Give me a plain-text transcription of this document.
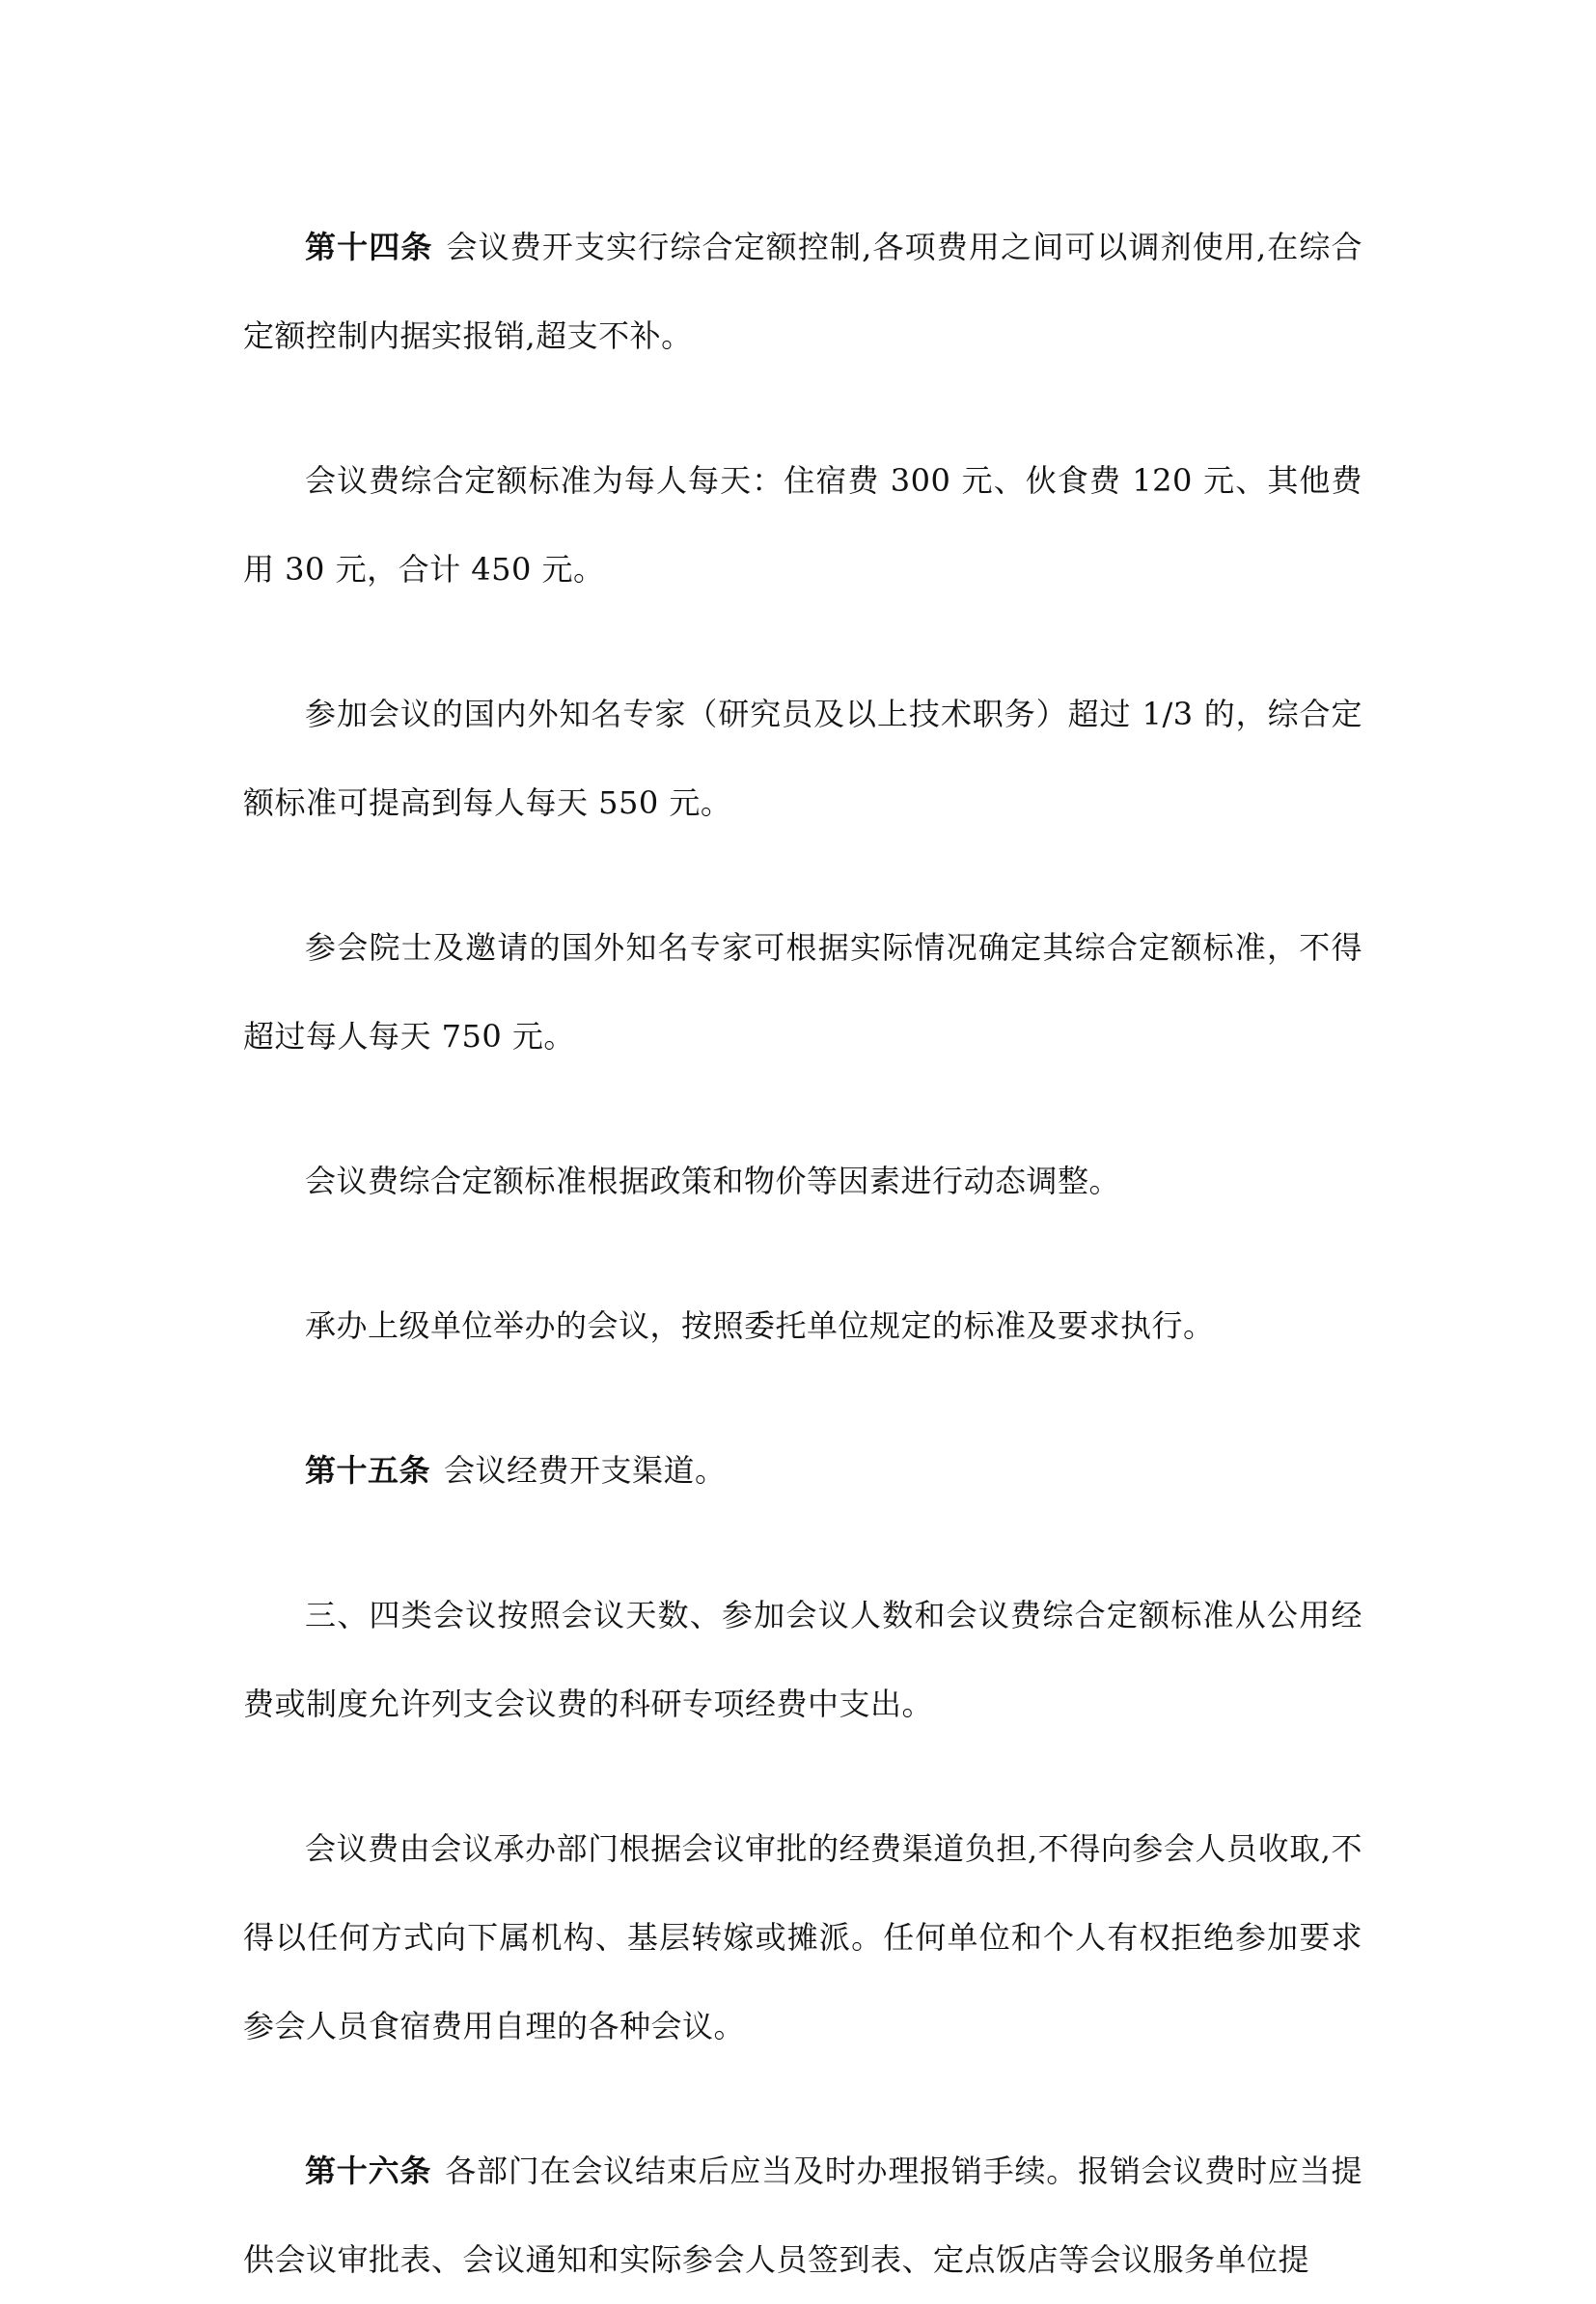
第十四条 会议费开支实行综合定额控制,各项费用之间可以调剂使用,在综合定额控制内据实报销,超支不补。

会议费综合定额标准为每人每天：住宿费 300 元、伙食费 120 元、其他费用 30 元，合计 450 元。

参加会议的国内外知名专家（研究员及以上技术职务）超过 1/3 的，综合定额标准可提高到每人每天 550 元。

参会院士及邀请的国外知名专家可根据实际情况确定其综合定额标准，不得超过每人每天 750 元。

会议费综合定额标准根据政策和物价等因素进行动态调整。

承办上级单位举办的会议，按照委托单位规定的标准及要求执行。

第十五条 会议经费开支渠道。

三、四类会议按照会议天数、参加会议人数和会议费综合定额标准从公用经费或制度允许列支会议费的科研专项经费中支出。

会议费由会议承办部门根据会议审批的经费渠道负担,不得向参会人员收取,不得以任何方式向下属机构、基层转嫁或摊派。任何单位和个人有权拒绝参加要求参会人员食宿费用自理的各种会议。

第十六条 各部门在会议结束后应当及时办理报销手续。报销会议费时应当提供会议审批表、会议通知和实际参会人员签到表、定点饭店等会议服务单位提
